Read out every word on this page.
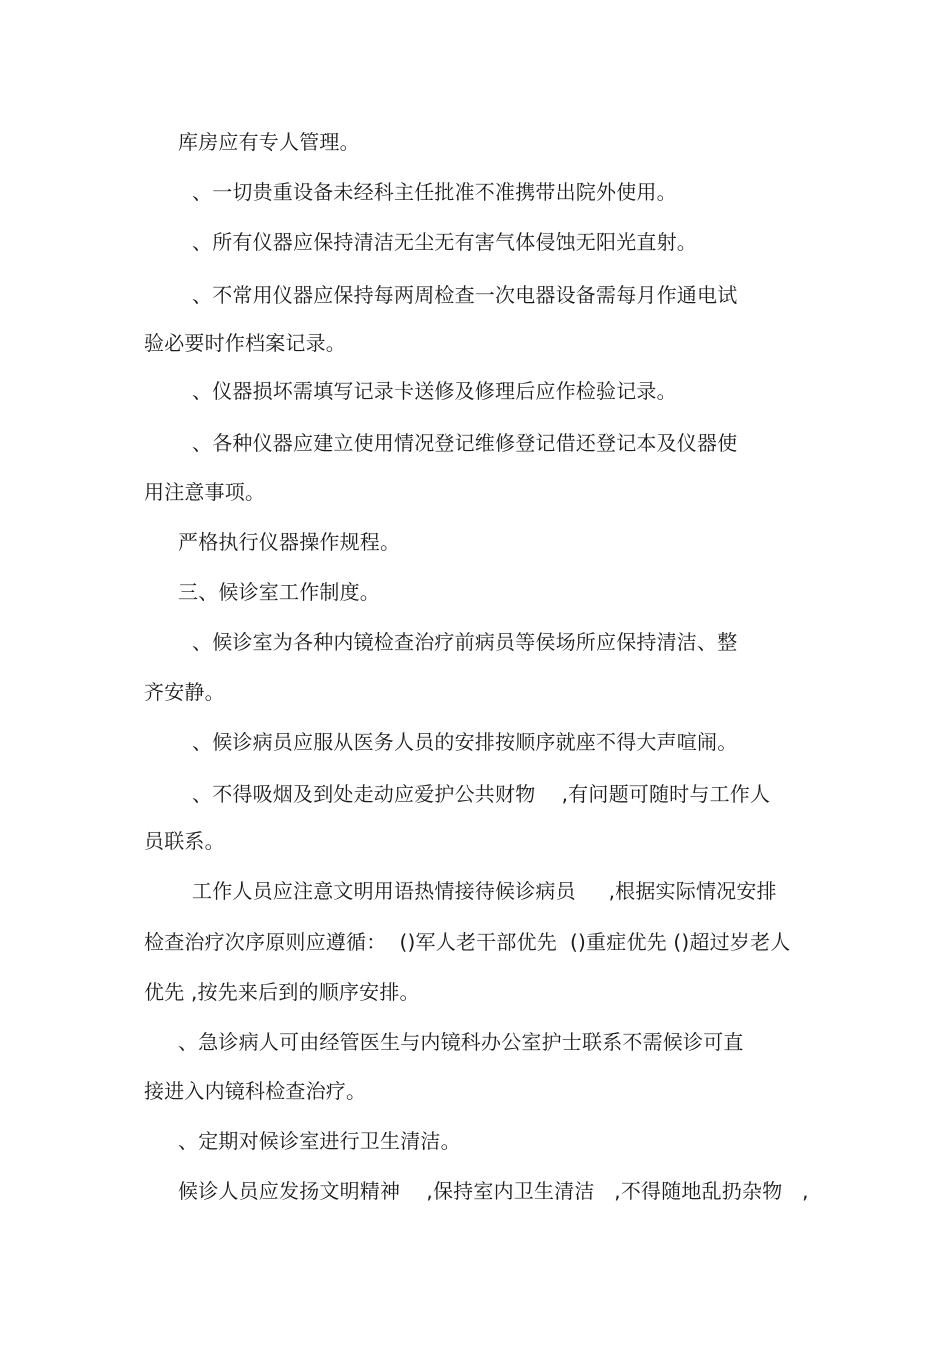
库房应有专人管理。
、一切贵重设备未经科主任批准不准携带出院外使用。
、所有仪器应保持清洁无尘无有害气体侵蚀无阳光直射。
、不常用仪器应保持每两周检查一次电器设备需每月作通电试
验必要时作档案记录。
、仪器损坏需填写记录卡送修及修理后应作检验记录。
、各种仪器应建立使用情况登记维修登记借还登记本及仪器使
用注意事项。
严格执行仪器操作规程。
三、候诊室工作制度。
、候诊室为各种内镜检查治疗前病员等侯场所应保持清洁、整
齐安静。
、候诊病员应服从医务人员的安排按顺序就座不得大声喧闹。
、不得吸烟及到处走动应爱护公共财物    ,有问题可随时与工作人
员联系。
工作人员应注意文明用语热情接待候诊病员     ,根据实际情况安排
检查治疗次序原则应遵循：  ()军人老干部优先  ()重症优先 ()超过岁老人
优先 ,按先来后到的顺序安排。
、急诊病人可由经管医生与内镜科办公室护士联系不需候诊可直
接进入内镜科检查治疗。
、定期对候诊室进行卫生清洁。
候诊人员应发扬文明精神    ,保持室内卫生清洁   ,不得随地乱扔杂物   ,
